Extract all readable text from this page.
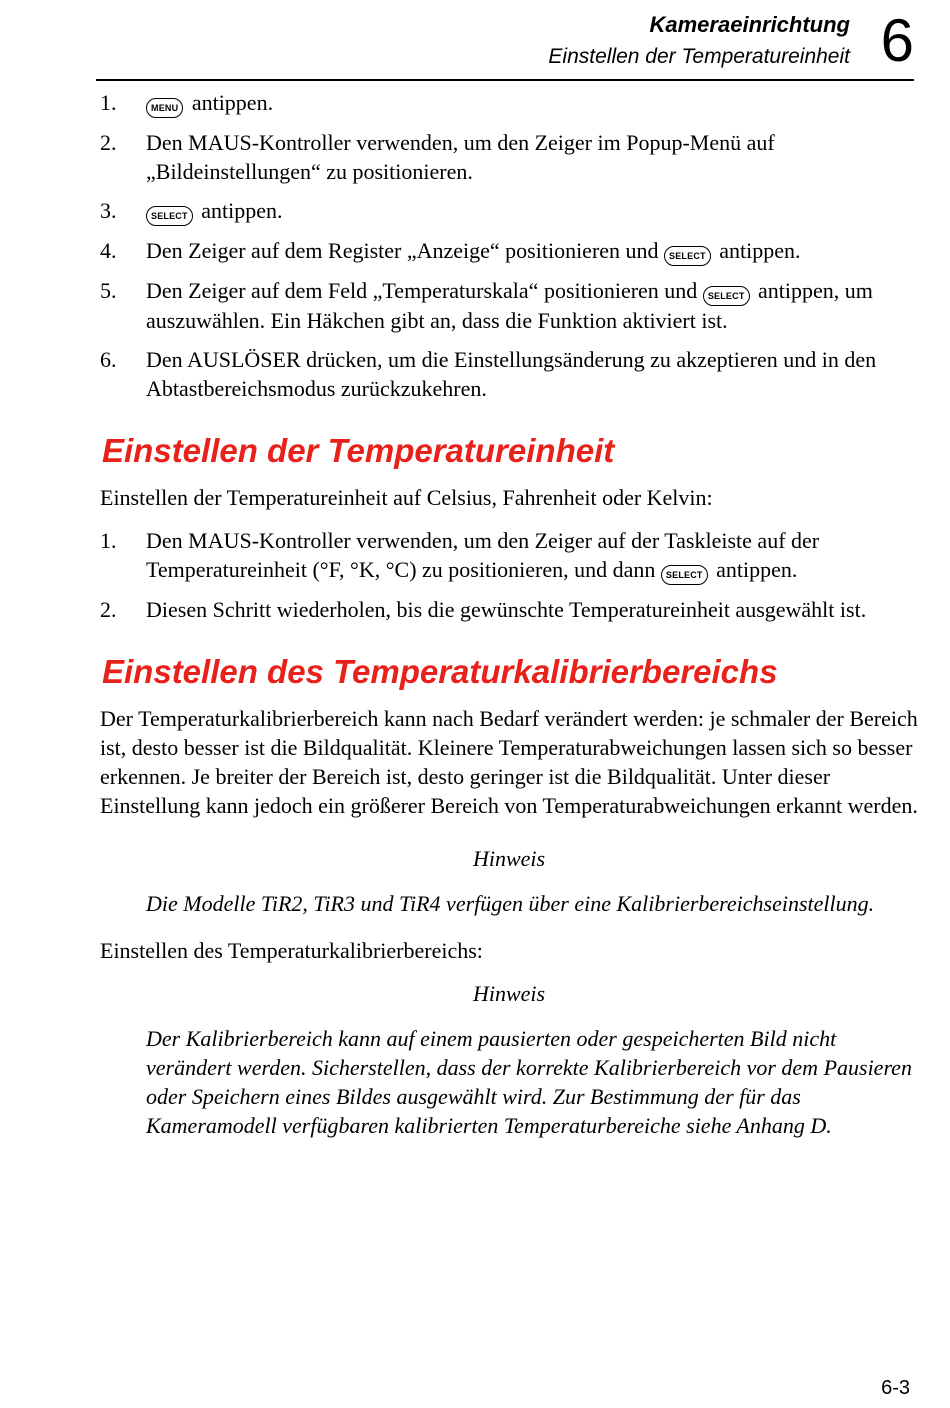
Kameraeinrichtung
Einstellen der Temperatureinheit 6
1.	MENU antippen.
2. Den MAUS-Kontroller verwenden, um den Zeiger im Popup-Menü auf „Bildeinstellungen“ zu positionieren.
3.	SELECT antippen.
4. Den Zeiger auf dem Register „Anzeige“ positionieren und SELECT antippen.
5. Den Zeiger auf dem Feld „Temperaturskala“ positionieren und SELECT antippen, um auszuwählen. Ein Häkchen gibt an, dass die Funktion aktiviert ist.
6. Den AUSLÖSER drücken, um die Einstellungsänderung zu akzeptieren und in den Abtastbereichsmodus zurückzukehren.
Einstellen der Temperatureinheit
Einstellen der Temperatureinheit auf Celsius, Fahrenheit oder Kelvin:
1. Den MAUS-Kontroller verwenden, um den Zeiger auf der Taskleiste auf der Temperatureinheit (°F, °K, °C) zu positionieren, und dann SELECT antippen.
2. Diesen Schritt wiederholen, bis die gewünschte Temperatureinheit ausgewählt ist.
Einstellen des Temperaturkalibrierbereichs
Der Temperaturkalibrierbereich kann nach Bedarf verändert werden: je schmaler der Bereich ist, desto besser ist die Bildqualität. Kleinere Temperaturabweichungen lassen sich so besser erkennen. Je breiter der Bereich ist, desto geringer ist die Bildqualität. Unter dieser Einstellung kann jedoch ein größerer Bereich von Temperaturabweichungen erkannt werden.
Hinweis
Die Modelle TiR2, TiR3 und TiR4 verfügen über eine Kalibrierbereichseinstellung.
Einstellen des Temperaturkalibrierbereichs:
Hinweis
Der Kalibrierbereich kann auf einem pausierten oder gespeicherten Bild nicht verändert werden. Sicherstellen, dass der korrekte Kalibrierbereich vor dem Pausieren oder Speichern eines Bildes ausgewählt wird. Zur Bestimmung der für das Kameramodell verfügbaren kalibrierten Temperaturbereiche siehe Anhang D.
6-3
